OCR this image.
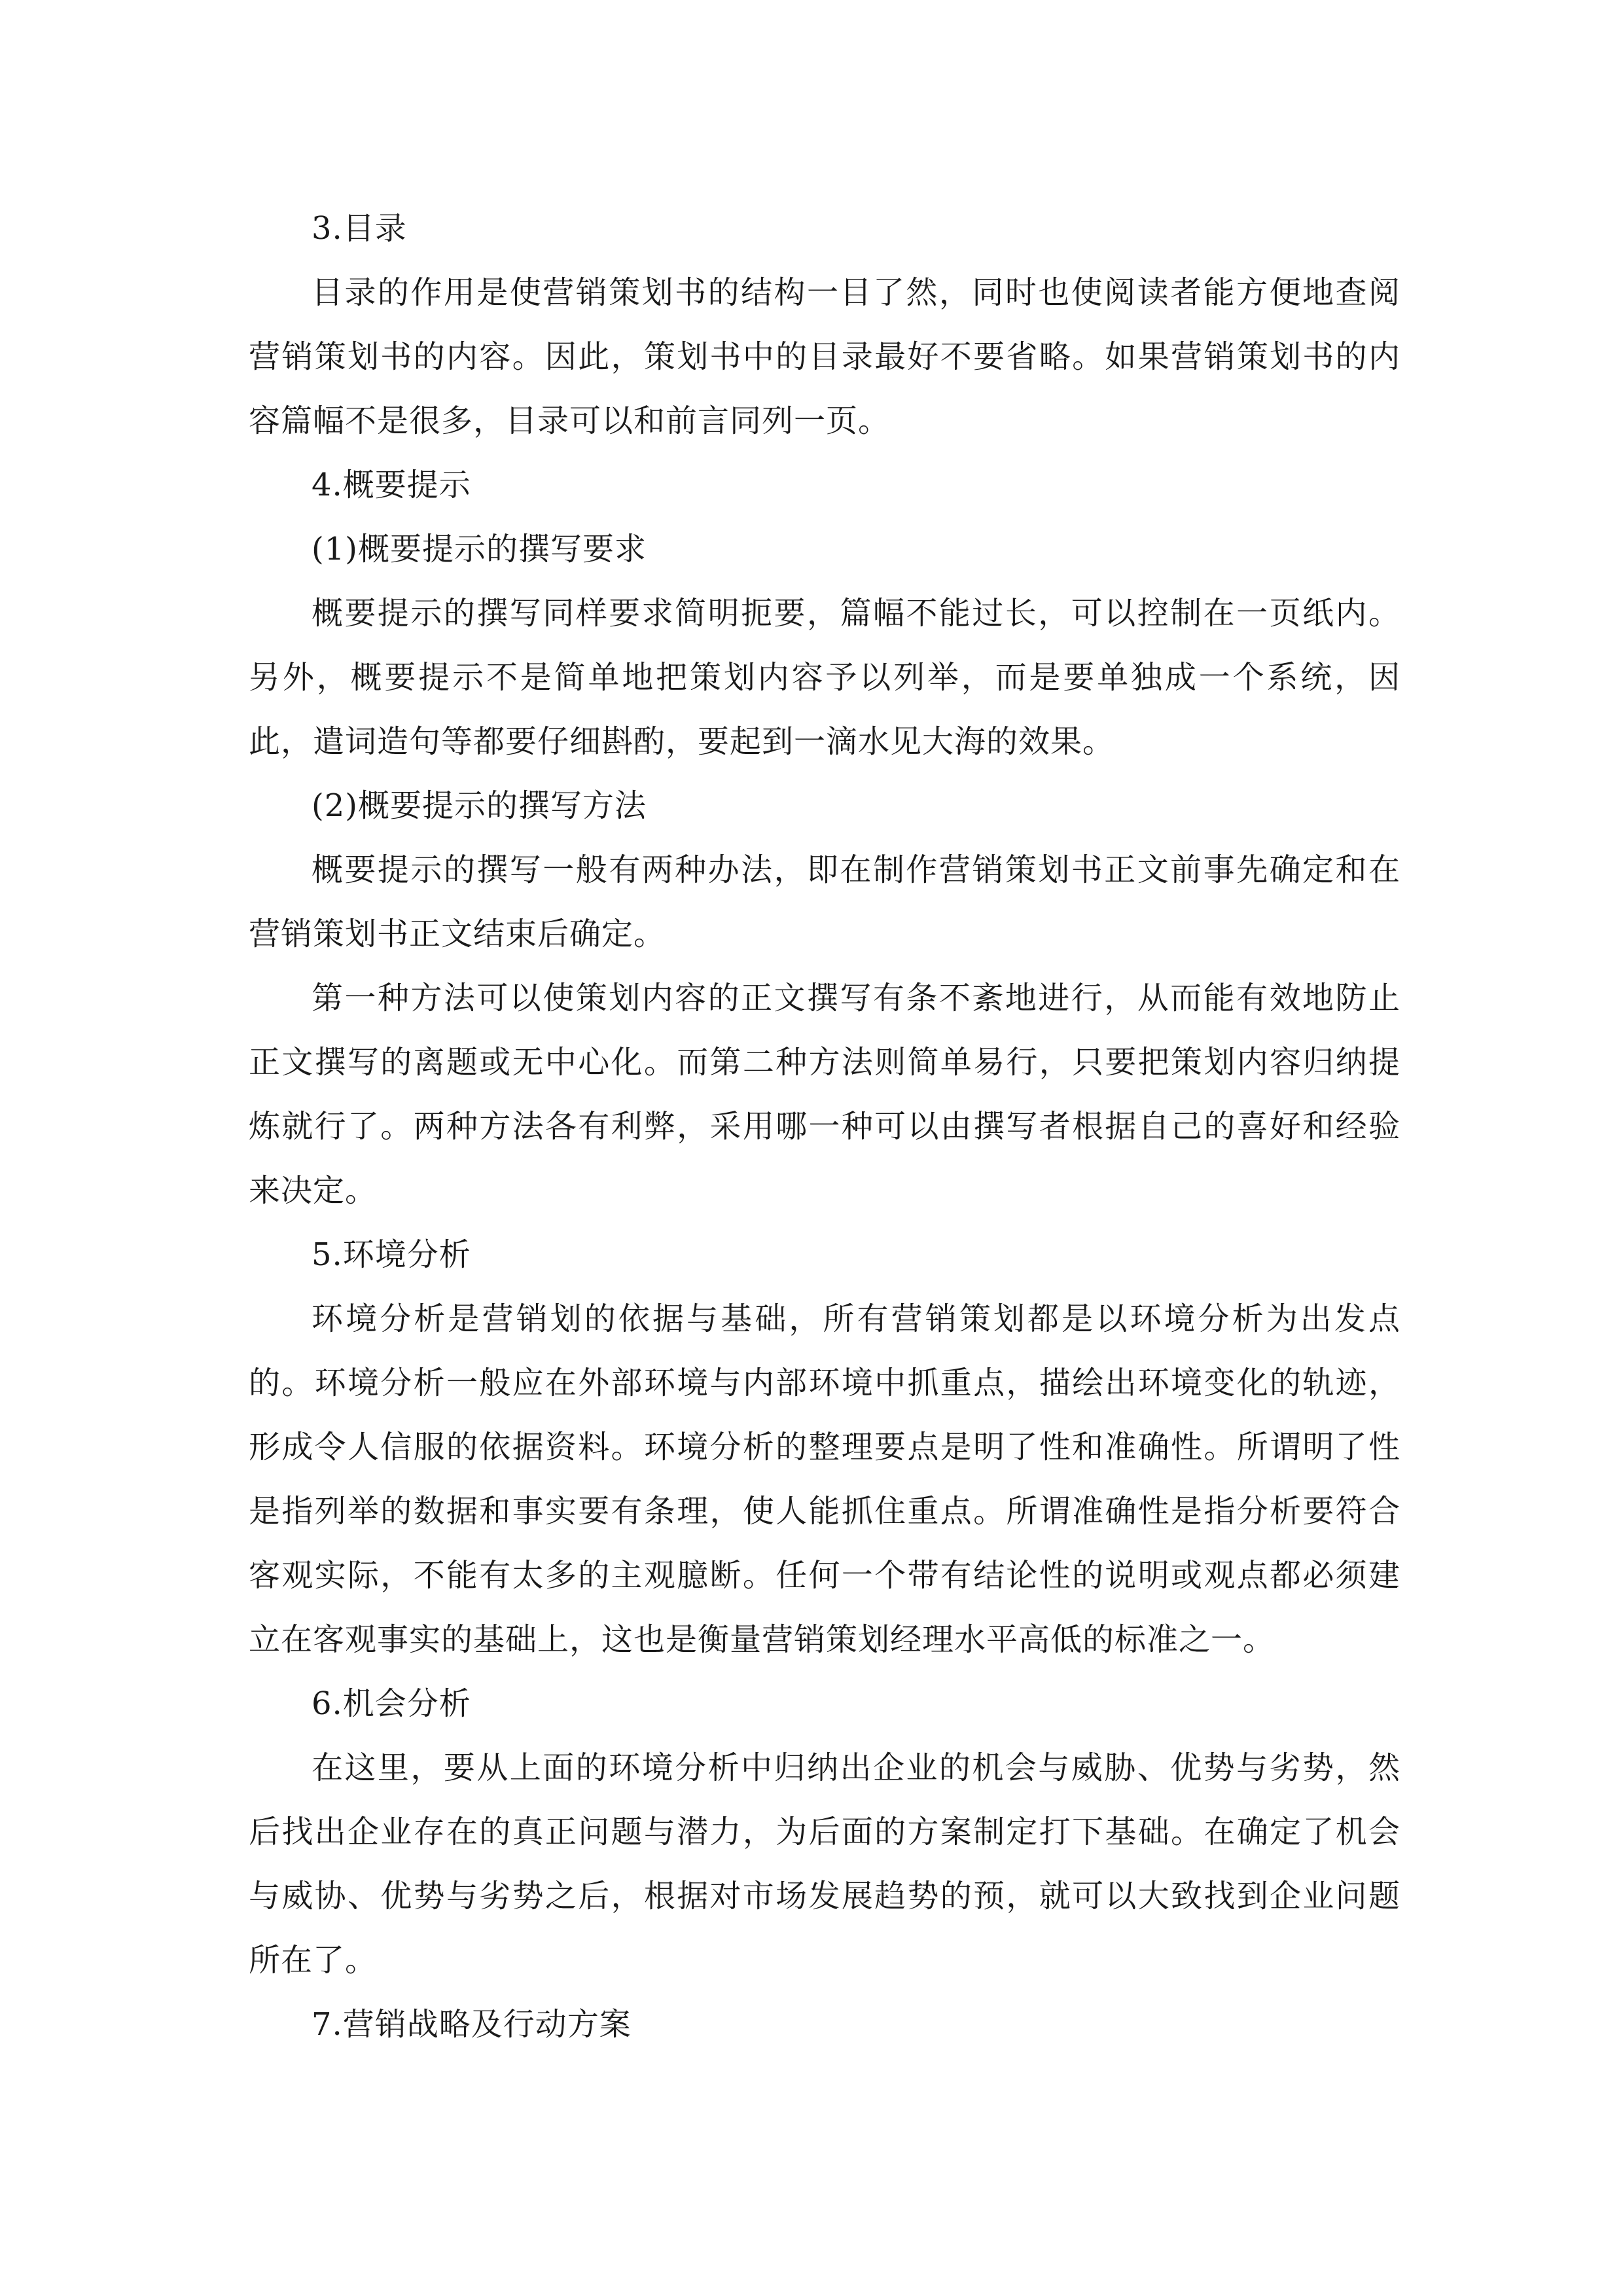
3.目录

目录的作用是使营销策划书的结构一目了然，同时也使阅读者能方便地查阅营销策划书的内容。因此，策划书中的目录最好不要省略。如果营销策划书的内容篇幅不是很多，目录可以和前言同列一页。

4.概要提示

(1)概要提示的撰写要求

概要提示的撰写同样要求简明扼要，篇幅不能过长，可以控制在一页纸内。另外，概要提示不是简单地把策划内容予以列举，而是要单独成一个系统，因此，遣词造句等都要仔细斟酌，要起到一滴水见大海的效果。

(2)概要提示的撰写方法

概要提示的撰写一般有两种办法，即在制作营销策划书正文前事先确定和在营销策划书正文结束后确定。

第一种方法可以使策划内容的正文撰写有条不紊地进行，从而能有效地防止正文撰写的离题或无中心化。而第二种方法则简单易行，只要把策划内容归纳提炼就行了。两种方法各有利弊，采用哪一种可以由撰写者根据自己的喜好和经验来决定。

5.环境分析

环境分析是营销划的依据与基础，所有营销策划都是以环境分析为出发点的。环境分析一般应在外部环境与内部环境中抓重点，描绘出环境变化的轨迹，形成令人信服的依据资料。环境分析的整理要点是明了性和准确性。所谓明了性是指列举的数据和事实要有条理，使人能抓住重点。所谓准确性是指分析要符合客观实际，不能有太多的主观臆断。任何一个带有结论性的说明或观点都必须建立在客观事实的基础上，这也是衡量营销策划经理水平高低的标准之一。

6.机会分析

在这里，要从上面的环境分析中归纳出企业的机会与威胁、优势与劣势，然后找出企业存在的真正问题与潜力，为后面的方案制定打下基础。在确定了机会与威协、优势与劣势之后，根据对市场发展趋势的预，就可以大致找到企业问题所在了。

7.营销战略及行动方案
